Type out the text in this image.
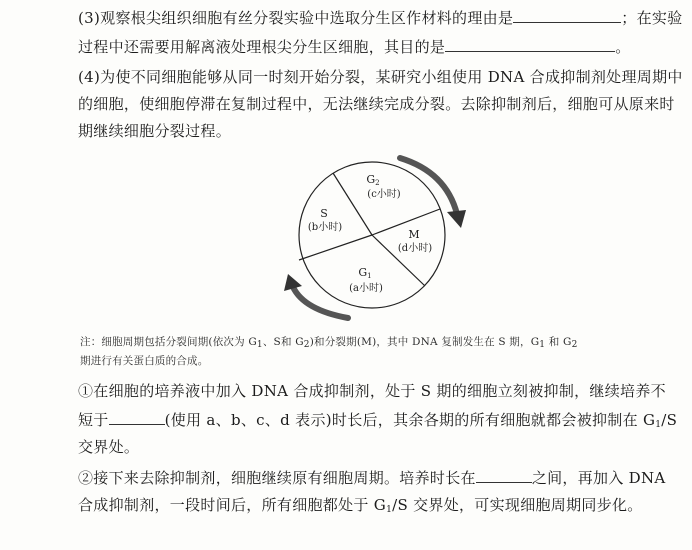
(3)观察根尖组织细胞有丝分裂实验中选取分生区作材料的理由是	；在实验
过程中还需要用解离液处理根尖分生区细胞，其目的是	。
(4)为使不同细胞能够从同一时刻开始分裂，某研究小组使用 DNA 合成抑制剂处理周期中
的细胞，使细胞停滞在复制过程中，无法继续完成分裂。去除抑制剂后，细胞可从原来时
期继续细胞分裂过程。
G2
(c小时)
S
(b小时)
M
(d小时)
G1
(a小时)
注：细胞周期包括分裂间期(依次为 G1、S和 G2)和分裂期(M)，其中 DNA 复制发生在 S 期，G1 和 G2
期进行有关蛋白质的合成。
①在细胞的培养液中加入 DNA 合成抑制剂，处于 S 期的细胞立刻被抑制，继续培养不
短于	(使用 a、b、c、d 表示)时长后，其余各期的所有细胞就都会被抑制在 $G_1/S$
交界处。
②接下来去除抑制剂，细胞继续原有细胞周期。培养时长在	之间，再加入 DNA
合成抑制剂，一段时间后，所有细胞都处于 $G_1/S$ 交界处，可实现细胞周期同步化。
